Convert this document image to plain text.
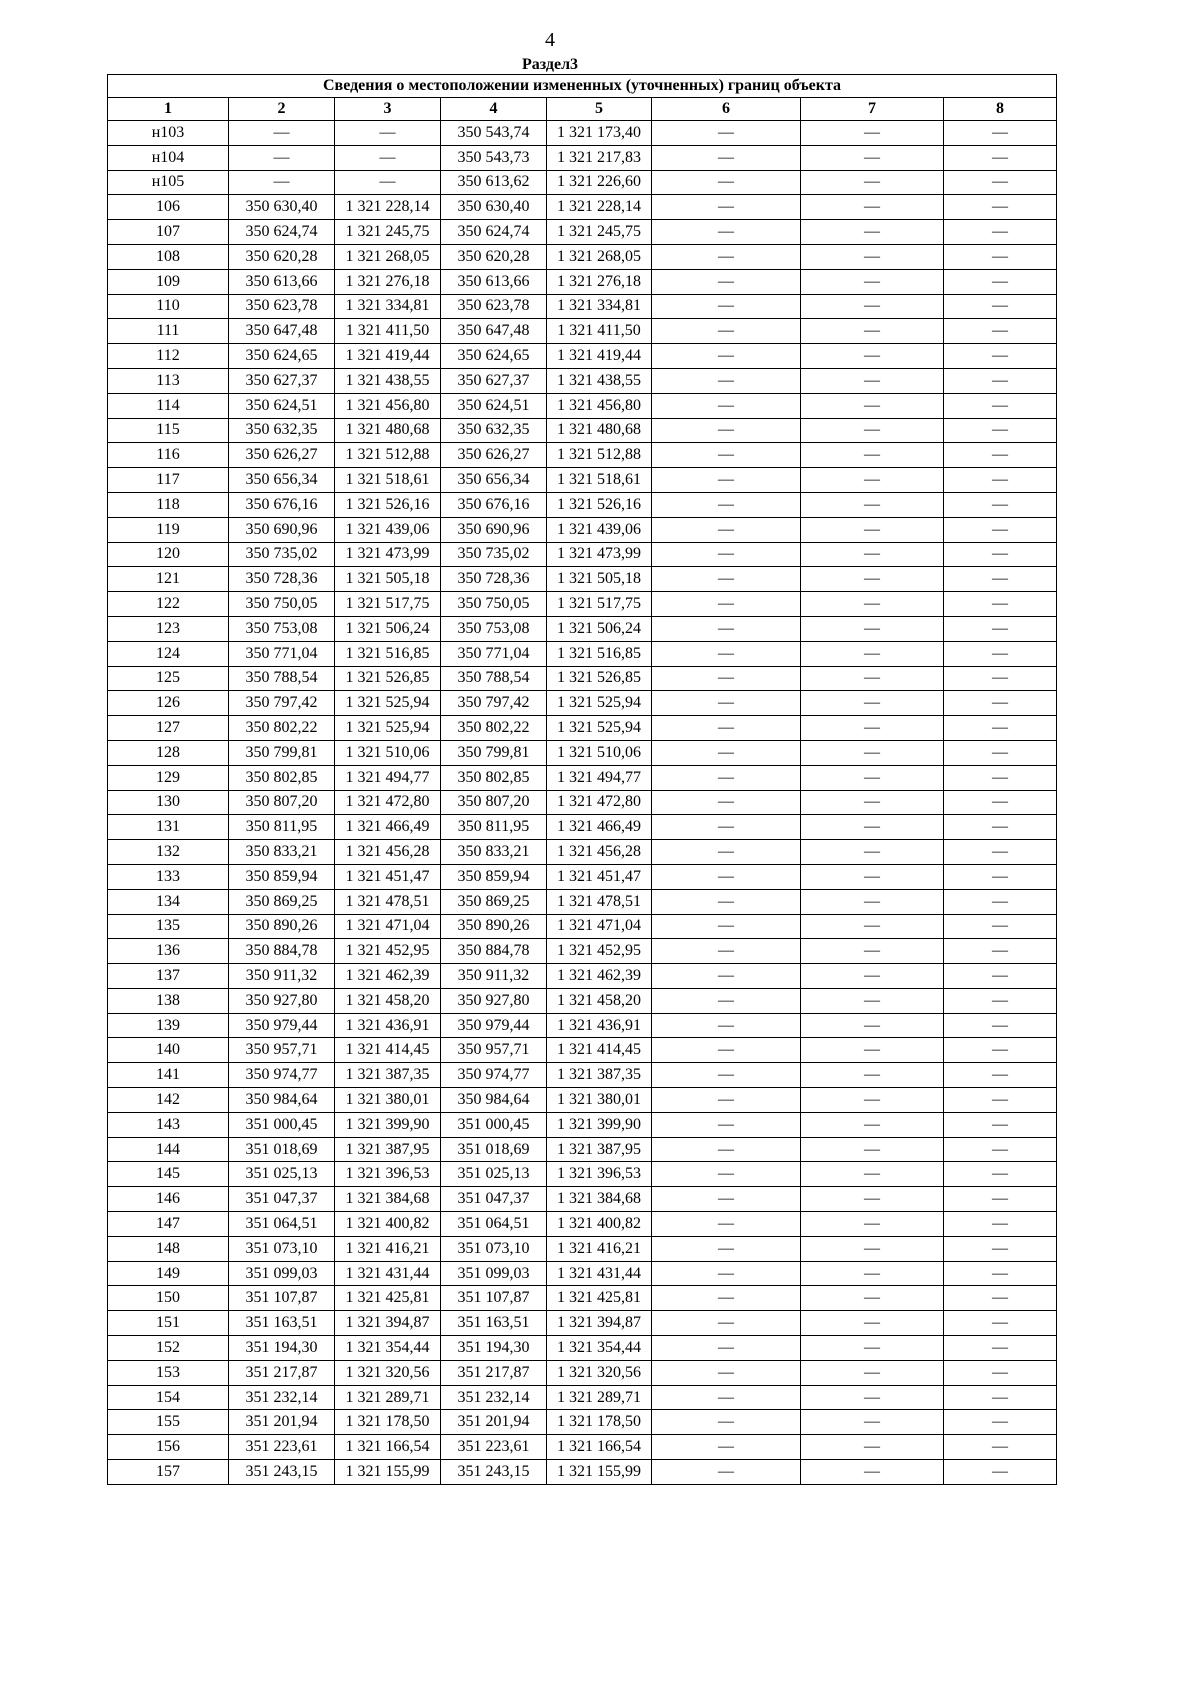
4
Раздел3
Сведения о местоположении измененных (уточненных) границ объекта							
1	2	3	4	5	6	7	8
н103	—	—	350 543,74	1 321 173,40	—	—	—
н104	—	—	350 543,73	1 321 217,83	—	—	—
н105	—	—	350 613,62	1 321 226,60	—	—	—
106	350 630,40	1 321 228,14	350 630,40	1 321 228,14	—	—	—
107	350 624,74	1 321 245,75	350 624,74	1 321 245,75	—	—	—
108	350 620,28	1 321 268,05	350 620,28	1 321 268,05	—	—	—
109	350 613,66	1 321 276,18	350 613,66	1 321 276,18	—	—	—
110	350 623,78	1 321 334,81	350 623,78	1 321 334,81	—	—	—
111	350 647,48	1 321 411,50	350 647,48	1 321 411,50	—	—	—
112	350 624,65	1 321 419,44	350 624,65	1 321 419,44	—	—	—
113	350 627,37	1 321 438,55	350 627,37	1 321 438,55	—	—	—
114	350 624,51	1 321 456,80	350 624,51	1 321 456,80	—	—	—
115	350 632,35	1 321 480,68	350 632,35	1 321 480,68	—	—	—
116	350 626,27	1 321 512,88	350 626,27	1 321 512,88	—	—	—
117	350 656,34	1 321 518,61	350 656,34	1 321 518,61	—	—	—
118	350 676,16	1 321 526,16	350 676,16	1 321 526,16	—	—	—
119	350 690,96	1 321 439,06	350 690,96	1 321 439,06	—	—	—
120	350 735,02	1 321 473,99	350 735,02	1 321 473,99	—	—	—
121	350 728,36	1 321 505,18	350 728,36	1 321 505,18	—	—	—
122	350 750,05	1 321 517,75	350 750,05	1 321 517,75	—	—	—
123	350 753,08	1 321 506,24	350 753,08	1 321 506,24	—	—	—
124	350 771,04	1 321 516,85	350 771,04	1 321 516,85	—	—	—
125	350 788,54	1 321 526,85	350 788,54	1 321 526,85	—	—	—
126	350 797,42	1 321 525,94	350 797,42	1 321 525,94	—	—	—
127	350 802,22	1 321 525,94	350 802,22	1 321 525,94	—	—	—
128	350 799,81	1 321 510,06	350 799,81	1 321 510,06	—	—	—
129	350 802,85	1 321 494,77	350 802,85	1 321 494,77	—	—	—
130	350 807,20	1 321 472,80	350 807,20	1 321 472,80	—	—	—
131	350 811,95	1 321 466,49	350 811,95	1 321 466,49	—	—	—
132	350 833,21	1 321 456,28	350 833,21	1 321 456,28	—	—	—
133	350 859,94	1 321 451,47	350 859,94	1 321 451,47	—	—	—
134	350 869,25	1 321 478,51	350 869,25	1 321 478,51	—	—	—
135	350 890,26	1 321 471,04	350 890,26	1 321 471,04	—	—	—
136	350 884,78	1 321 452,95	350 884,78	1 321 452,95	—	—	—
137	350 911,32	1 321 462,39	350 911,32	1 321 462,39	—	—	—
138	350 927,80	1 321 458,20	350 927,80	1 321 458,20	—	—	—
139	350 979,44	1 321 436,91	350 979,44	1 321 436,91	—	—	—
140	350 957,71	1 321 414,45	350 957,71	1 321 414,45	—	—	—
141	350 974,77	1 321 387,35	350 974,77	1 321 387,35	—	—	—
142	350 984,64	1 321 380,01	350 984,64	1 321 380,01	—	—	—
143	351 000,45	1 321 399,90	351 000,45	1 321 399,90	—	—	—
144	351 018,69	1 321 387,95	351 018,69	1 321 387,95	—	—	—
145	351 025,13	1 321 396,53	351 025,13	1 321 396,53	—	—	—
146	351 047,37	1 321 384,68	351 047,37	1 321 384,68	—	—	—
147	351 064,51	1 321 400,82	351 064,51	1 321 400,82	—	—	—
148	351 073,10	1 321 416,21	351 073,10	1 321 416,21	—	—	—
149	351 099,03	1 321 431,44	351 099,03	1 321 431,44	—	—	—
150	351 107,87	1 321 425,81	351 107,87	1 321 425,81	—	—	—
151	351 163,51	1 321 394,87	351 163,51	1 321 394,87	—	—	—
152	351 194,30	1 321 354,44	351 194,30	1 321 354,44	—	—	—
153	351 217,87	1 321 320,56	351 217,87	1 321 320,56	—	—	—
154	351 232,14	1 321 289,71	351 232,14	1 321 289,71	—	—	—
155	351 201,94	1 321 178,50	351 201,94	1 321 178,50	—	—	—
156	351 223,61	1 321 166,54	351 223,61	1 321 166,54	—	—	—
157	351 243,15	1 321 155,99	351 243,15	1 321 155,99	—	—	—
